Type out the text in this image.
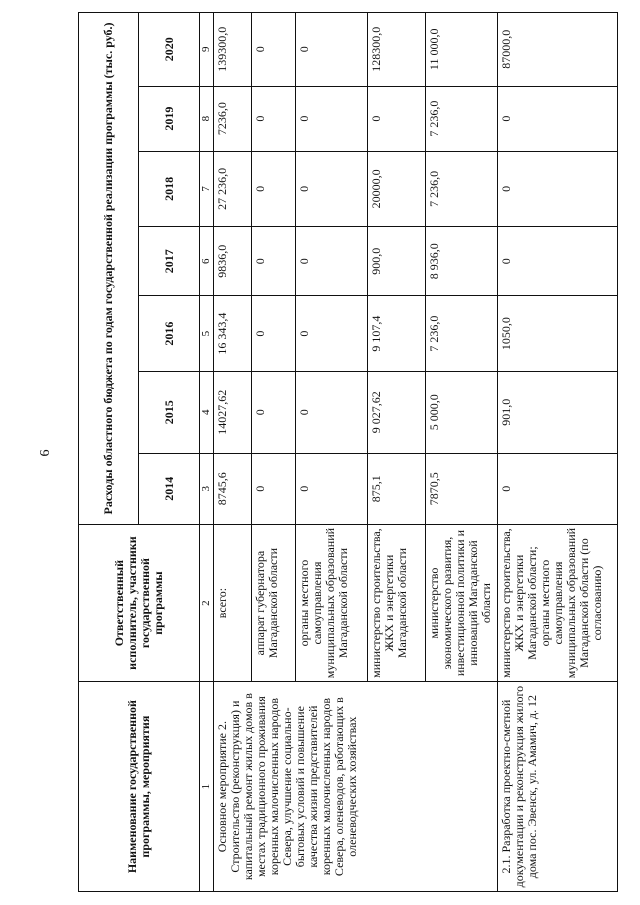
6
Наименование государственной программы, мероприятия	Ответственный исполнитель, участники государственной программы	Расходы областного бюджета по годам государственной реализации программы (тыс. руб.)						
		2014	2015	2016	2017	2018	2019	2020
1	2	3	4	5	6	7	8	9
Основное мероприятие 2. Строительство (реконструкция) и капитальный ремонт жилых домов в местах традиционного проживания коренных малочисленных народов Севера, улучшение социально-бытовых условий и повышение качества жизни представителей коренных малочисленных народов Севера, оленеводов, работающих в оленеводческих хозяйствах	всего:	8745,6	14027,62	16 343,4	9836,0	27 236,0	7236,0	139300,0
	аппарат губернатора Магаданской области	0	0	0	0	0	0	0
	органы местного самоуправления муниципальных образований Магаданской области	0	0	0	0	0	0	0
	министерство строительства, ЖКХ и энергетики Магаданской области	875,1	9 027,62	9 107,4	900,0	20000,0	0	128300,0
	министерство экономического развития, инвестиционной политики и инноваций Магаданской области	7870,5	5 000,0	7 236,0	8 936,0	7 236,0	7 236,0	11 000,0
2.1. Разработка проектно-сметной документации и реконструкция жилого дома пос. Эвенск, ул. Амамич, д. 12	министерство строительства, ЖКХ и энергетики Магаданской области; органы местного самоуправления муниципальных образований Магаданской области (по согласованию)	0	901,0	1050,0	0	0	0	87000,0
